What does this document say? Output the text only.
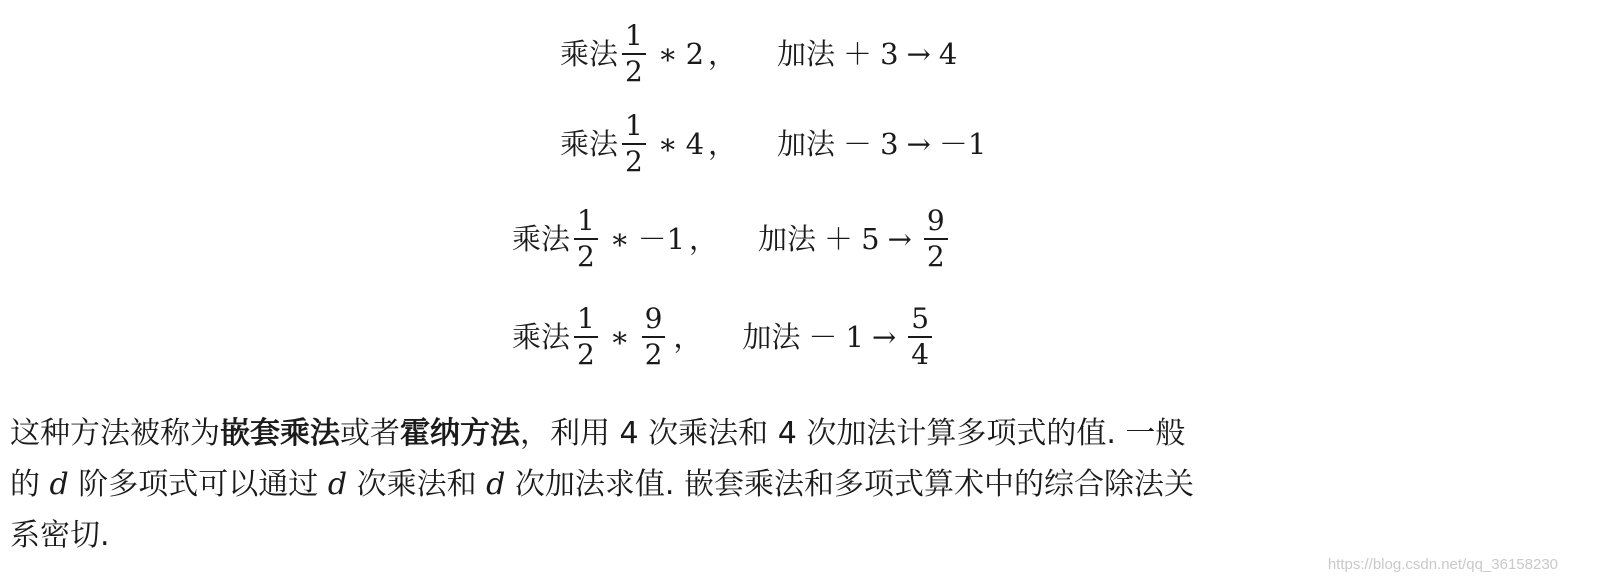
乘法 $\frac{1}{2}$ ∗ 2 ， 加法 ＋ 3 → 4
乘法 $\frac{1}{2}$ ∗ 4 ， 加法 － 3 → －1
乘法 $\frac{1}{2}$ ∗ －1 ， 加法 ＋ $5 \to \frac{9}{2}$
乘法 $\frac{1}{2}$ ∗ $\frac{9}{2}$ ， 加法 － $1 \to \frac{5}{4}$
这种方法被称为嵌套乘法或者霍纳方法，利用 4 次乘法和 4 次加法计算多项式的值. 一般
的 d 阶多项式可以通过 d 次乘法和 d 次加法求值. 嵌套乘法和多项式算术中的综合除法关
系密切.
https://blog.csdn.net/qq_36158230
